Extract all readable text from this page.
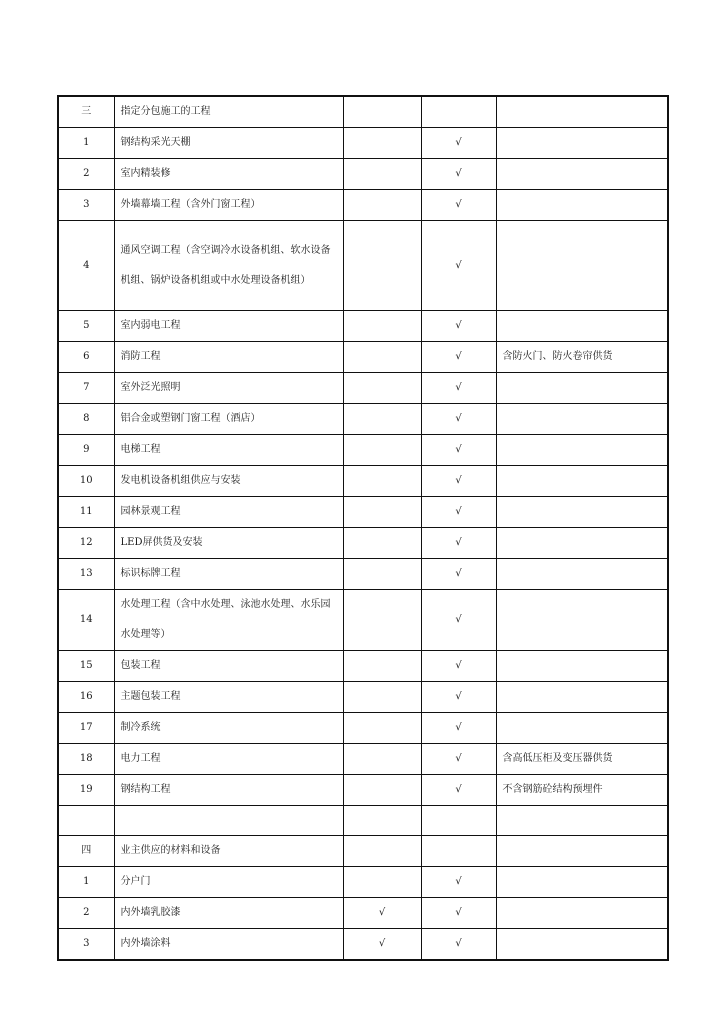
三	指定分包施工的工程			
1	钢结构采光天棚		√	
2	室内精装修		√	
3	外墙幕墙工程（含外门窗工程）		√	
4	通风空调工程（含空调冷水设备机组、软水设备机组、锅炉设备机组或中水处理设备机组）		√	
5	室内弱电工程		√	
6	消防工程		√	含防火门、防火卷帘供货
7	室外泛光照明		√	
8	铝合金或塑钢门窗工程（酒店）		√	
9	电梯工程		√	
10	发电机设备机组供应与安装		√	
11	园林景观工程		√	
12	LED屏供货及安装		√	
13	标识标牌工程		√	
14	水处理工程（含中水处理、泳池水处理、水乐园水处理等）		√	
15	包装工程		√	
16	主题包装工程		√	
17	制冷系统		√	
18	电力工程		√	含高低压柜及变压器供货
19	钢结构工程		√	不含钢筋砼结构预埋件

四	业主供应的材料和设备			
1	分户门		√	
2	内外墙乳胶漆	√	√	
3	内外墙涂料	√	√	
